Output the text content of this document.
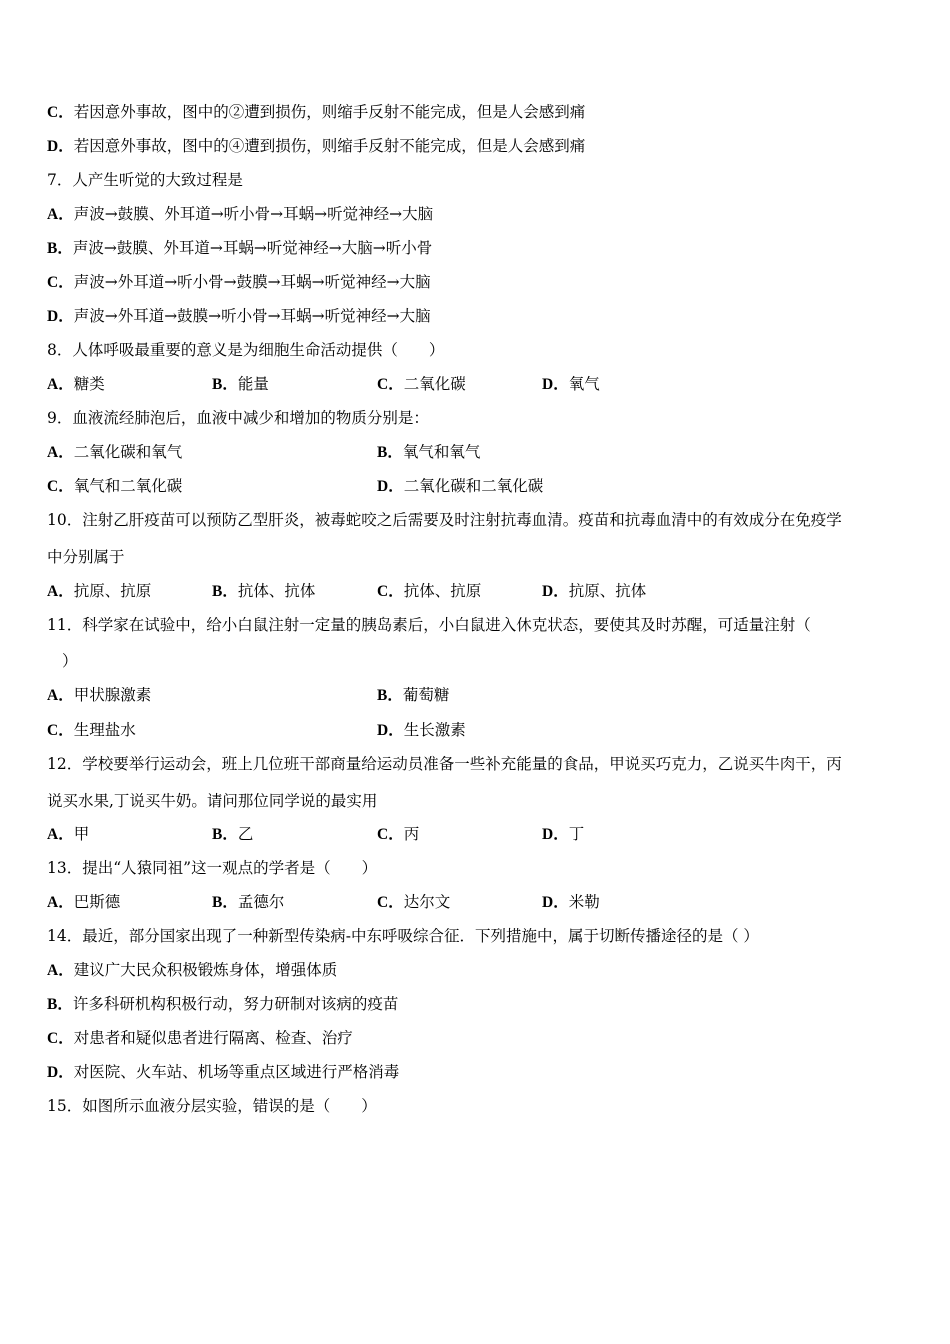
C．若因意外事故，图中的②遭到损伤，则缩手反射不能完成，但是人会感到痛
D．若因意外事故，图中的④遭到损伤，则缩手反射不能完成，但是人会感到痛
7．人产生听觉的大致过程是
A．声波→鼓膜、外耳道→听小骨→耳蜗→听觉神经→大脑
B．声波→鼓膜、外耳道→耳蜗→听觉神经→大脑→听小骨
C．声波→外耳道→听小骨→鼓膜→耳蜗→听觉神经→大脑
D．声波→外耳道→鼓膜→听小骨→耳蜗→听觉神经→大脑
8．人体呼吸最重要的意义是为细胞生命活动提供（　　）
A．糖类	B．能量	C．二氧化碳	D．氧气
9．血液流经肺泡后，血液中减少和增加的物质分别是：
A．二氧化碳和氧气	B．氧气和氧气
C．氧气和二氧化碳	D．二氧化碳和二氧化碳
10．注射乙肝疫苗可以预防乙型肝炎，被毒蛇咬之后需要及时注射抗毒血清。疫苗和抗毒血清中的有效成分在免疫学
中分别属于
A．抗原、抗原	B．抗体、抗体	C．抗体、抗原	D．抗原、抗体
11．科学家在试验中，给小白鼠注射一定量的胰岛素后，小白鼠进入休克状态，要使其及时苏醒，可适量注射（
）
A．甲状腺激素	B．葡萄糖
C．生理盐水	D．生长激素
12．学校要举行运动会，班上几位班干部商量给运动员准备一些补充能量的食品，甲说买巧克力，乙说买牛肉干，丙
说买水果,丁说买牛奶。请问那位同学说的最实用
A．甲	B．乙	C．丙	D．丁
13．提出“人猿同祖”这一观点的学者是（　　）
A．巴斯德	B．孟德尔	C．达尔文	D．米勒
14．最近，部分国家出现了一种新型传染病-中东呼吸综合征．下列措施中，属于切断传播途径的是（ ）
A．建议广大民众积极锻炼身体，增强体质
B．许多科研机构积极行动，努力研制对该病的疫苗
C．对患者和疑似患者进行隔离、检查、治疗
D．对医院、火车站、机场等重点区域进行严格消毒
15．如图所示血液分层实验，错误的是（　　）
